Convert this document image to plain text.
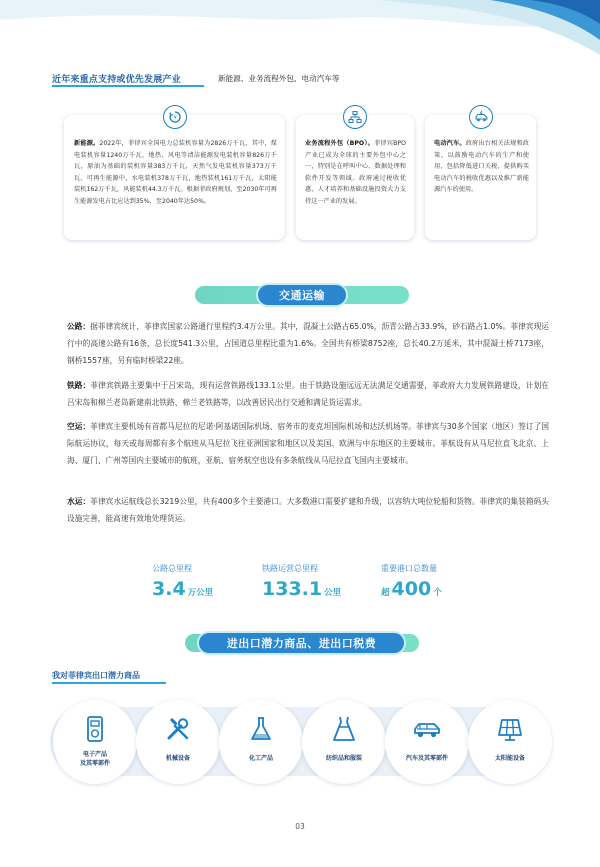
近年来重点支持或优先发展产业	新能源、业务流程外包、电动汽车等
新能源。2022年，菲律宾全国电力总装机容量为2826万千瓦，其中，煤电装机容量1240万千瓦，地热、风电等清洁能源发电装机容量826万千瓦，原油为基础的装机容量383万千瓦，天然气发电装机容量373万千瓦。可再生能源中，水电装机378万千瓦，地热装机161万千瓦，太阳能装机162万千瓦，风能装机44.3万千瓦。根据菲政府规划，至2030年可再生能源发电占比应达到35%，至2040年达50%。
业务流程外包（BPO）。菲律宾BPO产业已成为全球的主要外包中心之一，特别是在呼叫中心、数据处理和软件开发等领域。政府通过税收优惠、人才培养和基础设施投资大力支持这一产业的发展。
电动汽车。政府出台相关法规和政策，以鼓励电动汽车的生产和使用，包括降低进口关税、提供购买电动汽车的税收优惠以及推广新能源汽车的使用。
交通运输

公路：据菲律宾统计，菲律宾国家公路通行里程约3.4万公里。其中，混凝土公路占65.0%，沥青公路占33.9%，砂石路占1.0%。菲律宾现运行中的高速公路有16条，总长度541.3公里，占国道总里程比重为1.6%。全国共有桥梁8752座，总长40.2万延米，其中混凝土桥7173座，钢桥1557座，另有临时桥梁22座。

铁路：菲律宾铁路主要集中于吕宋岛，现有运营铁路线133.1公里。由于铁路设施远远无法满足交通需要，菲政府大力发展铁路建设，计划在吕宋岛和棉兰老岛新建南北铁路、棉兰老铁路等，以改善居民出行交通和满足货运需求。

空运：菲律宾主要机场有首都马尼拉的尼诺·阿基诺国际机场、宿务市的麦克坦国际机场和达沃机场等。菲律宾与30多个国家（地区）签订了国际航运协议，每天或每周都有多个航班从马尼拉飞往亚洲国家和地区以及美国、欧洲与中东地区的主要城市。菲航设有从马尼拉直飞北京、上海、厦门、广州等国内主要城市的航班，亚航、宿务航空也设有多条航线从马尼拉直飞国内主要城市。

水运：菲律宾水运航线总长3219公里，共有400多个主要港口。大多数港口需要扩建和升级，以容纳大吨位轮船和货物。菲律宾的集装箱码头设施完善，能高速有效地处理货运。

公路总里程
3.4 万公里
铁路运营总里程
133.1 公里
重要港口总数量
超 400 个
进出口潜力商品、进出口税费
我对菲律宾出口潜力商品
电子产品
及其零部件
机械设备	化工产品	纺织品和服装	汽车及其零部件	太阳能设备
03
